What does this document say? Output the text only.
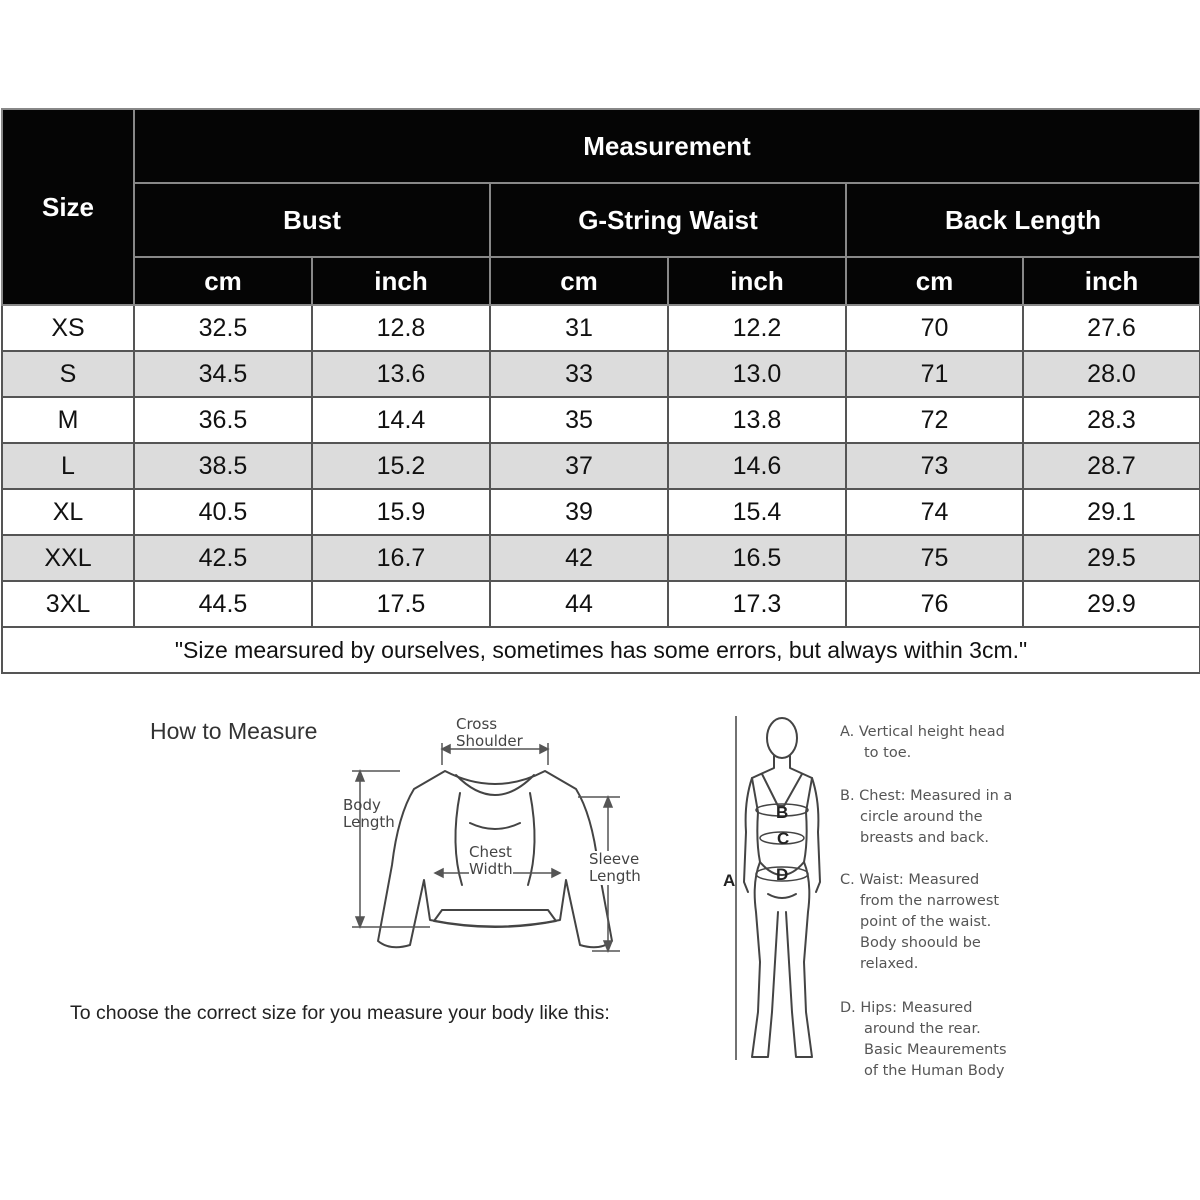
Size	Measurement					
	Bust		G-String Waist		Back Length	
	cm	inch	cm	inch	cm	inch
XS	32.5	12.8	31	12.2	70	27.6
S	34.5	13.6	33	13.0	71	28.0
M	36.5	14.4	35	13.8	72	28.3
L	38.5	15.2	37	14.6	73	28.7
XL	40.5	15.9	39	15.4	74	29.1
XXL	42.5	16.7	42	16.5	75	29.5
3XL	44.5	17.5	44	17.3	76	29.9
"Size mearsured by ourselves, sometimes has some errors, but always within 3cm."						
How to Measure	Cross
Shoulder
Body
Length
Chest
Width
Sleeve
Length
To choose the correct size for you measure your body like this:
B
C
D
A
A. Vertical height head
to toe.
B. Chest: Measured in a
circle around the
breasts and back.
C. Waist: Measured
from the narrowest
point of the waist.
Body shoould be
relaxed.
D. Hips: Measured
around the rear.
Basic Meaurements
of the Human Body
